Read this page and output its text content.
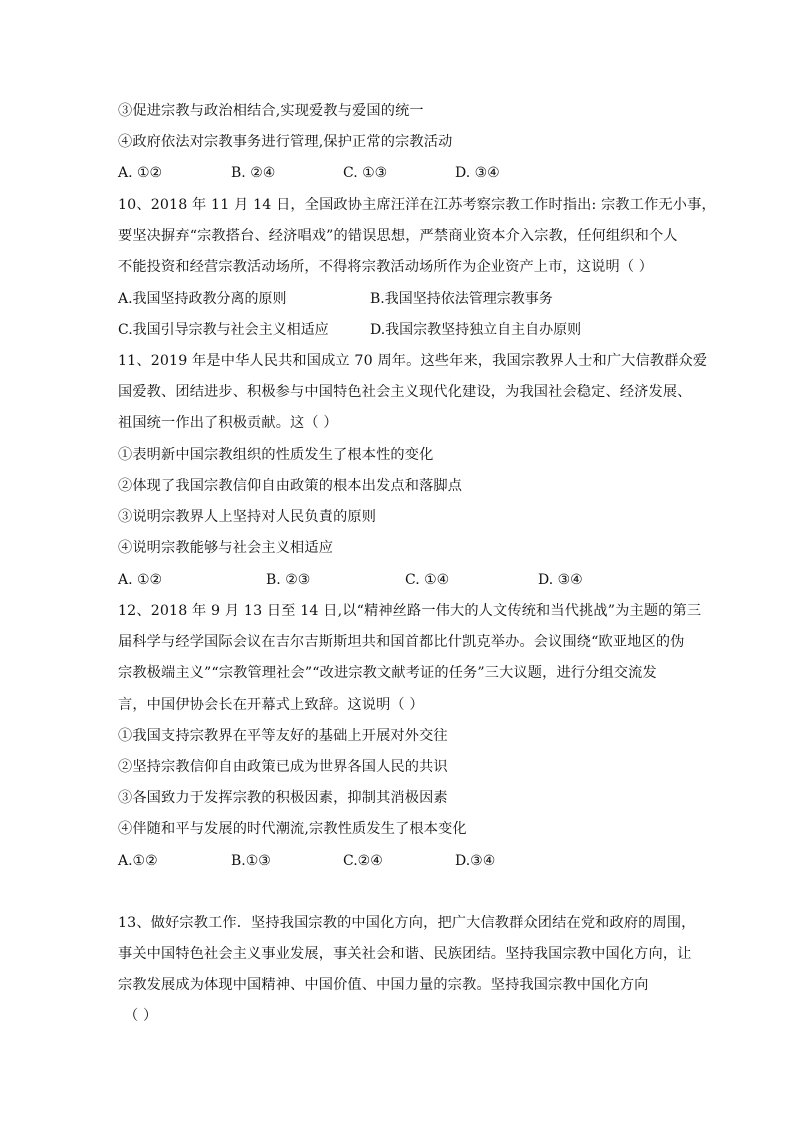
③促进宗教与政治相结合,实现爱教与爱国的统一
④政府依法对宗教事务进行管理,保护正常的宗教活动
A. ①②	B. ②④	C. ①③	D. ③④
10、2018 年 11 月 14 日，全国政协主席汪洋在江苏考察宗教工作时指出: 宗教工作无小事，
要坚决摒弃“宗教搭台、经济唱戏”的错误思想，严禁商业资本介入宗教，任何组织和个人
不能投资和经营宗教活动场所，不得将宗教活动场所作为企业资产上市，这说明（ ）
A.我国坚持政教分离的原则	B.我国坚持依法管理宗教事务
C.我国引导宗教与社会主义相适应	D.我国宗教坚持独立自主自办原则
11、2019 年是中华人民共和国成立 70 周年。这些年来，我国宗教界人士和广大信教群众爱
国爱教、团结进步、积极参与中国特色社会主义现代化建设，为我国社会稳定、经济发展、
祖国统一作出了积极贡献。这（ ）
①表明新中国宗教组织的性质发生了根本性的变化
②体现了我国宗教信仰自由政策的根本出发点和落脚点
③说明宗教界人上坚持对人民负責的原则
④说明宗教能够与社会主义相适应
A. ①②	B. ②③	C. ①④	D. ③④
12、2018 年 9 月 13 日至 14 日,以“精神丝路一伟大的人文传统和当代挑战”为主题的第三
届科学与经学国际会议在吉尔吉斯斯坦共和国首都比什凯克举办。会议围绕“欧亚地区的伪
宗教极端主义”“宗教管理社会”“改进宗教文献考证的任务”三大议题，进行分组交流发
言，中国伊协会长在开幕式上致辞。这说明（ ）
①我国支持宗教界在平等友好的基础上开展对外交往
②坚持宗教信仰自由政策已成为世界各国人民的共识
③各国致力于发挥宗教的积极因素，抑制其消极因素
④伴随和平与发展的时代潮流,宗教性质发生了根本变化
A.①②	B.①③	C.②④	D.③④
13、做好宗教工作．坚持我国宗教的中国化方向，把广大信教群众团结在党和政府的周围，
事关中国特色社会主义事业发展，事关社会和谐、民族团结。坚持我国宗教中国化方向，让
宗教发展成为体现中国精神、中国价值、中国力量的宗教。坚持我国宗教中国化方向
（ ）
